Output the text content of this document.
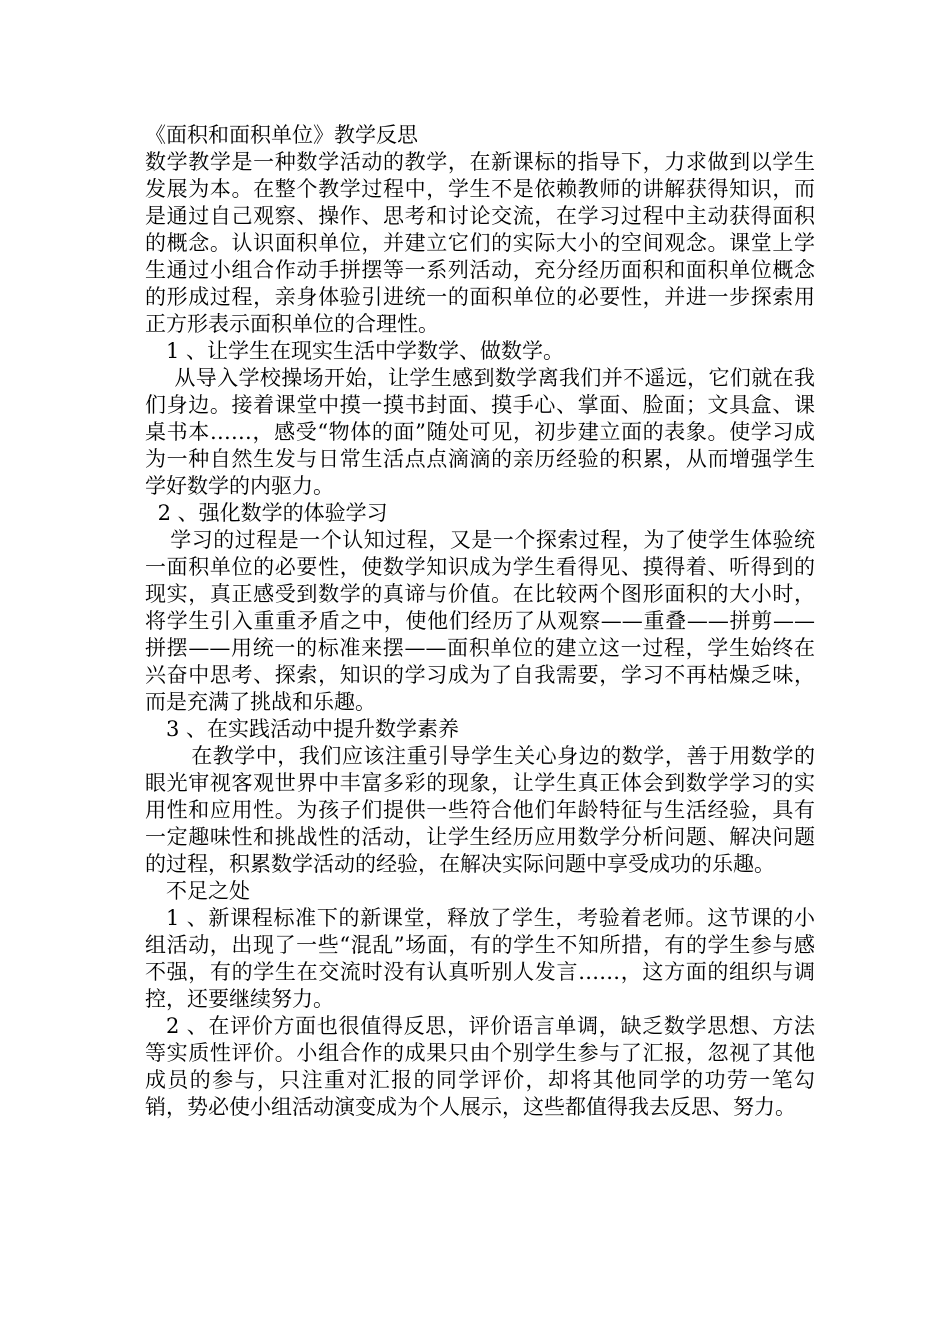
《面积和面积单位》教学反思

数学教学是一种数学活动的教学，在新课标的指导下，力求做到以学生发展为本。在整个教学过程中，学生不是依赖教师的讲解获得知识，而是通过自己观察、操作、思考和讨论交流，在学习过程中主动获得面积的概念。认识面积单位，并建立它们的实际大小的空间观念。课堂上学生通过小组合作动手拼摆等一系列活动，充分经历面积和面积单位概念的形成过程，亲身体验引进统一的面积单位的必要性，并进一步探索用正方形表示面积单位的合理性。

1 、让学生在现实生活中学数学、做数学。

从导入学校操场开始，让学生感到数学离我们并不遥远，它们就在我们身边。接着课堂中摸一摸书封面、摸手心、掌面、脸面；文具盒、课桌书本……，感受“物体的面”随处可见，初步建立面的表象。使学习成为一种自然生发与日常生活点点滴滴的亲历经验的积累，从而增强学生学好数学的内驱力。

2 、强化数学的体验学习

学习的过程是一个认知过程，又是一个探索过程，为了使学生体验统一面积单位的必要性，使数学知识成为学生看得见、摸得着、听得到的现实，真正感受到数学的真谛与价值。在比较两个图形面积的大小时，将学生引入重重矛盾之中，使他们经历了从观察——重叠——拼剪——拼摆——用统一的标准来摆——面积单位的建立这一过程，学生始终在兴奋中思考、探索，知识的学习成为了自我需要，学习不再枯燥乏味，而是充满了挑战和乐趣。

3 、在实践活动中提升数学素养

在教学中，我们应该注重引导学生关心身边的数学，善于用数学的眼光审视客观世界中丰富多彩的现象，让学生真正体会到数学学习的实用性和应用性。为孩子们提供一些符合他们年龄特征与生活经验，具有一定趣味性和挑战性的活动，让学生经历应用数学分析问题、解决问题的过程，积累数学活动的经验，在解决实际问题中享受成功的乐趣。

不足之处

1 、新课程标准下的新课堂，释放了学生，考验着老师。这节课的小组活动，出现了一些“混乱”场面，有的学生不知所措，有的学生参与感不强，有的学生在交流时没有认真听别人发言……，这方面的组织与调控，还要继续努力。

2 、在评价方面也很值得反思，评价语言单调，缺乏数学思想、方法等实质性评价。小组合作的成果只由个别学生参与了汇报，忽视了其他成员的参与，只注重对汇报的同学评价，却将其他同学的功劳一笔勾销，势必使小组活动演变成为个人展示，这些都值得我去反思、努力。
